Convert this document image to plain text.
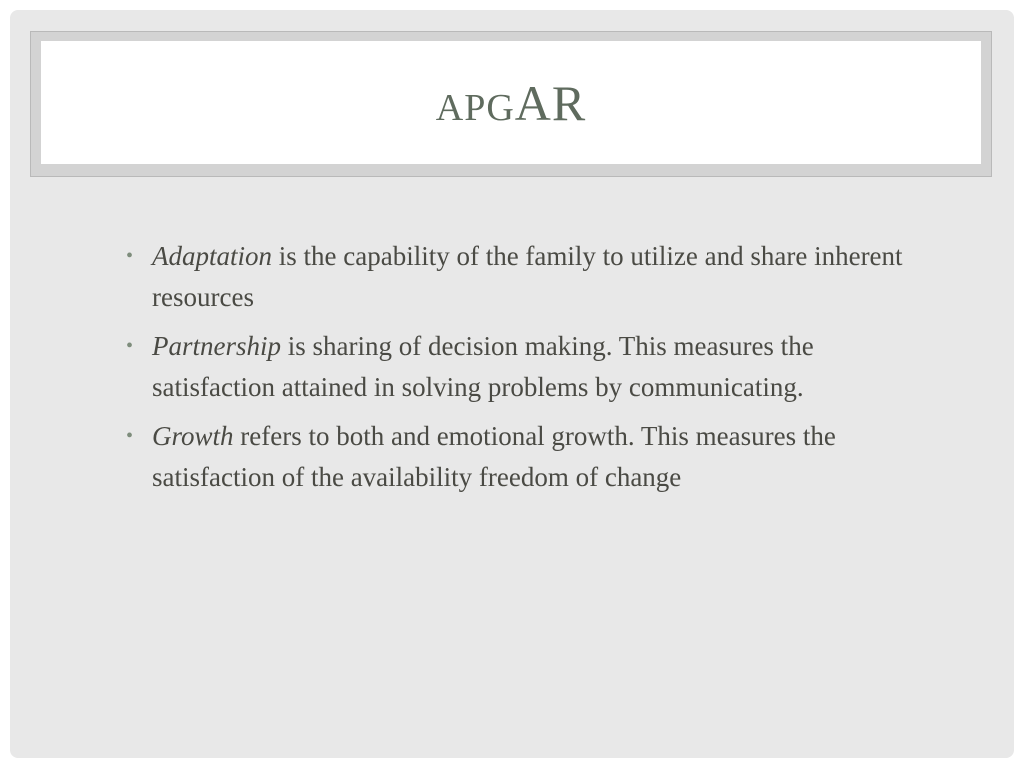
APGAR
• Adaptation is the capability of the family to utilize and share inherent resources
• Partnership is sharing of decision making. This measures the satisfaction attained in solving problems by communicating.
• Growth refers to both and emotional growth. This measures the satisfaction of the availability freedom of change
